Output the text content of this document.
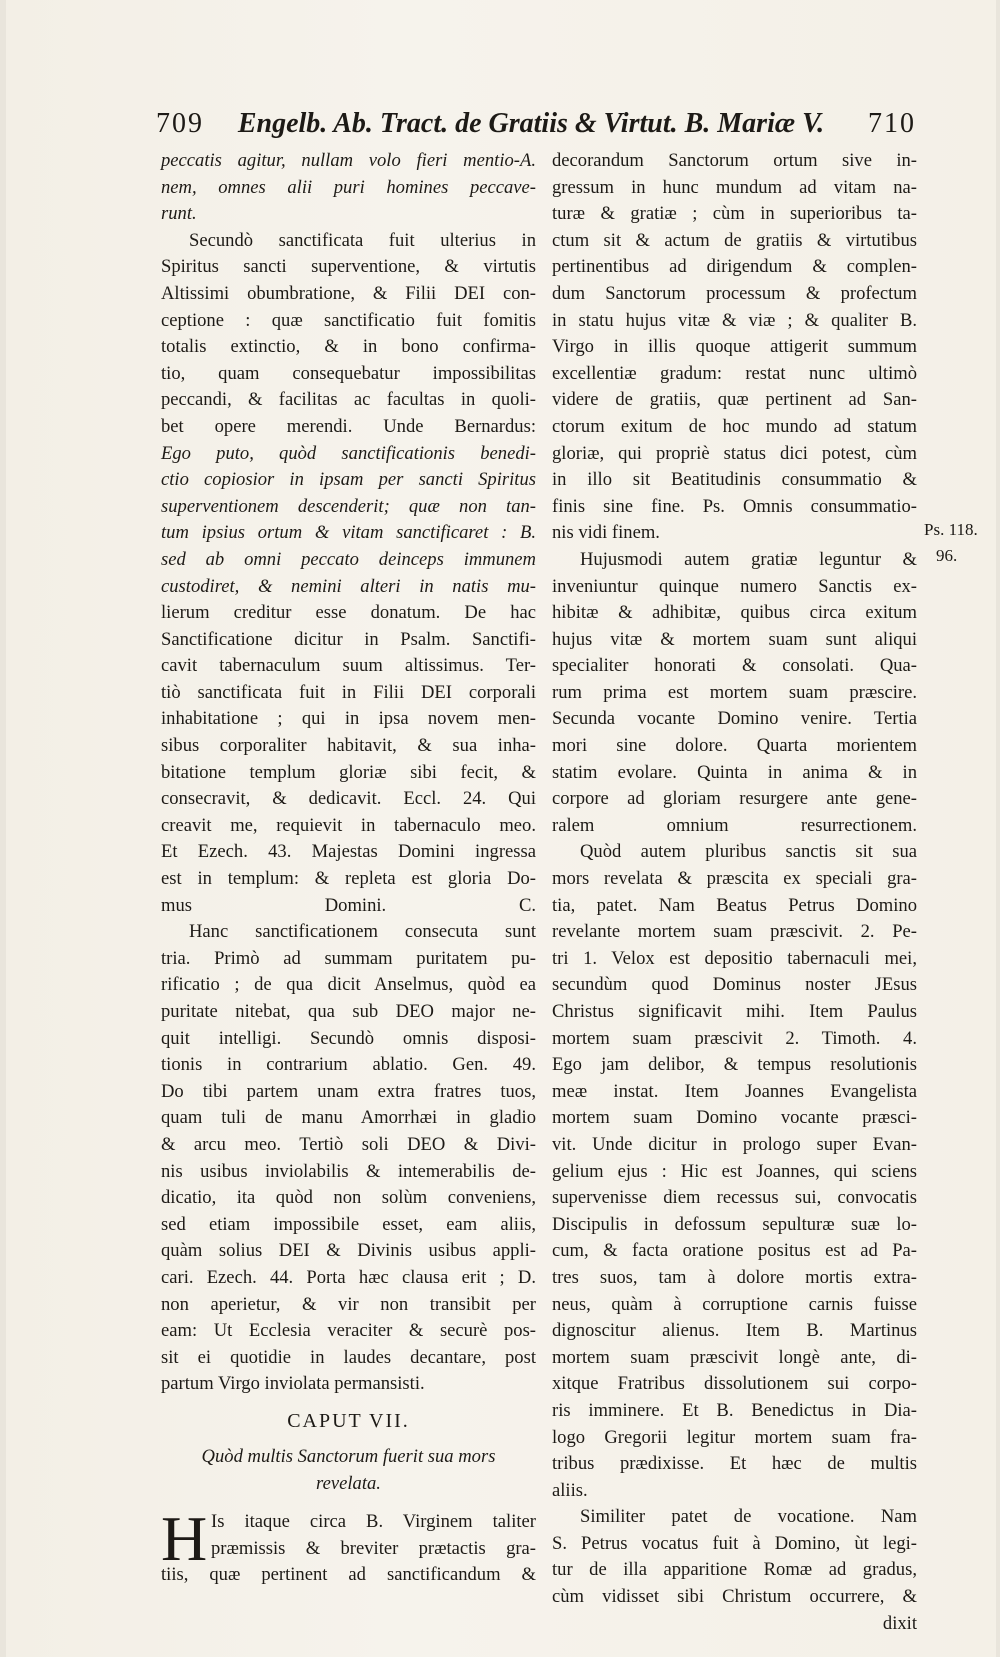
709 Engelb. Ab. Tract. de Gratiis & Virtut. B. Mariæ V. 710
peccatis agitur, nullam volo fieri mentio-A.
nem, omnes alii puri homines peccave-
runt.
Secundò sanctificata fuit ulterius in
Spiritus sancti superventione, & virtutis
Altissimi obumbratione, & Filii DEI con-
ceptione : quæ sanctificatio fuit fomitis
totalis extinctio, & in bono confirma-
tio, quam consequebatur impossibilitas
peccandi, & facilitas ac facultas in quoli-
bet opere merendi. Unde Bernardus:
Ego puto, quòd sanctificationis benedi-
ctio copiosior in ipsam per sancti Spiritus
superventionem descenderit; quæ non tan-
tum ipsius ortum & vitam sanctificaret : B.
sed ab omni peccato deinceps immunem
custodiret, & nemini alteri in natis mu-
lierum creditur esse donatum. De hac
Sanctificatione dicitur in Psalm. Sanctifi-
cavit tabernaculum suum altissimus. Ter-
tiò sanctificata fuit in Filii DEI corporali
inhabitatione ; qui in ipsa novem men-
sibus corporaliter habitavit, & sua inha-
bitatione templum gloriæ sibi fecit, &
consecravit, & dedicavit. Eccl. 24. Qui
creavit me, requievit in tabernaculo meo.
Et Ezech. 43. Majestas Domini ingressa
est in templum: & repleta est gloria Do-
mus Domini. C.
Hanc sanctificationem consecuta sunt
tria. Primò ad summam puritatem pu-
rificatio ; de qua dicit Anselmus, quòd ea
puritate nitebat, qua sub DEO major ne-
quit intelligi. Secundò omnis disposi-
tionis in contrarium ablatio. Gen. 49.
Do tibi partem unam extra fratres tuos,
quam tuli de manu Amorrhæi in gladio
& arcu meo. Tertiò soli DEO & Divi-
nis usibus inviolabilis & intemerabilis de-
dicatio, ita quòd non solùm conveniens,
sed etiam impossibile esset, eam aliis,
quàm solius DEI & Divinis usibus appli-
cari. Ezech. 44. Porta hæc clausa erit ; D.
non aperietur, & vir non transibit per
eam: Ut Ecclesia veraciter & securè pos-
sit ei quotidie in laudes decantare, post
partum Virgo inviolata permansisti.
CAPUT VII.
Quòd multis Sanctorum fuerit sua mors
revelata.
H Is itaque circa B. Virginem taliter
præmissis & breviter prætactis gra-
tiis, quæ pertinent ad sanctificandum &
decorandum Sanctorum ortum sive in-
gressum in hunc mundum ad vitam na-
turæ & gratiæ ; cùm in superioribus ta-
ctum sit & actum de gratiis & virtutibus
pertinentibus ad dirigendum & complen-
dum Sanctorum processum & profectum
in statu hujus vitæ & viæ ; & qualiter B.
Virgo in illis quoque attigerit summum
excellentiæ gradum: restat nunc ultimò
videre de gratiis, quæ pertinent ad San-
ctorum exitum de hoc mundo ad statum
gloriæ, qui propriè status dici potest, cùm
in illo sit Beatitudinis consummatio &
finis sine fine. Ps. Omnis consummatio-
nis vidi finem.
Hujusmodi autem gratiæ leguntur &
inveniuntur quinque numero Sanctis ex-
hibitæ & adhibitæ, quibus circa exitum
hujus vitæ & mortem suam sunt aliqui
specialiter honorati & consolati. Qua-
rum prima est mortem suam præscire.
Secunda vocante Domino venire. Tertia
mori sine dolore. Quarta morientem
statim evolare. Quinta in anima & in
corpore ad gloriam resurgere ante gene-
ralem omnium resurrectionem.
Quòd autem pluribus sanctis sit sua
mors revelata & præscita ex speciali gra-
tia, patet. Nam Beatus Petrus Domino
revelante mortem suam præscivit. 2. Pe-
tri 1. Velox est depositio tabernaculi mei,
secundùm quod Dominus noster JEsus
Christus significavit mihi. Item Paulus
mortem suam præscivit 2. Timoth. 4.
Ego jam delibor, & tempus resolutionis
meæ instat. Item Joannes Evangelista
mortem suam Domino vocante præsci-
vit. Unde dicitur in prologo super Evan-
gelium ejus : Hic est Joannes, qui sciens
supervenisse diem recessus sui, convocatis
Discipulis in defossum sepulturæ suæ lo-
cum, & facta oratione positus est ad Pa-
tres suos, tam à dolore mortis extra-
neus, quàm à corruptione carnis fuisse
dignoscitur alienus. Item B. Martinus
mortem suam præscivit longè ante, di-
xitque Fratribus dissolutionem sui corpo-
ris imminere. Et B. Benedictus in Dia-
logo Gregorii legitur mortem suam fra-
tribus prædixisse. Et hæc de multis
aliis.
Similiter patet de vocatione. Nam
S. Petrus vocatus fuit à Domino, ùt legi-
tur de illa apparitione Romæ ad gradus,
cùm vidisset sibi Christum occurrere, &
dixit
Ps. 118.
96.
